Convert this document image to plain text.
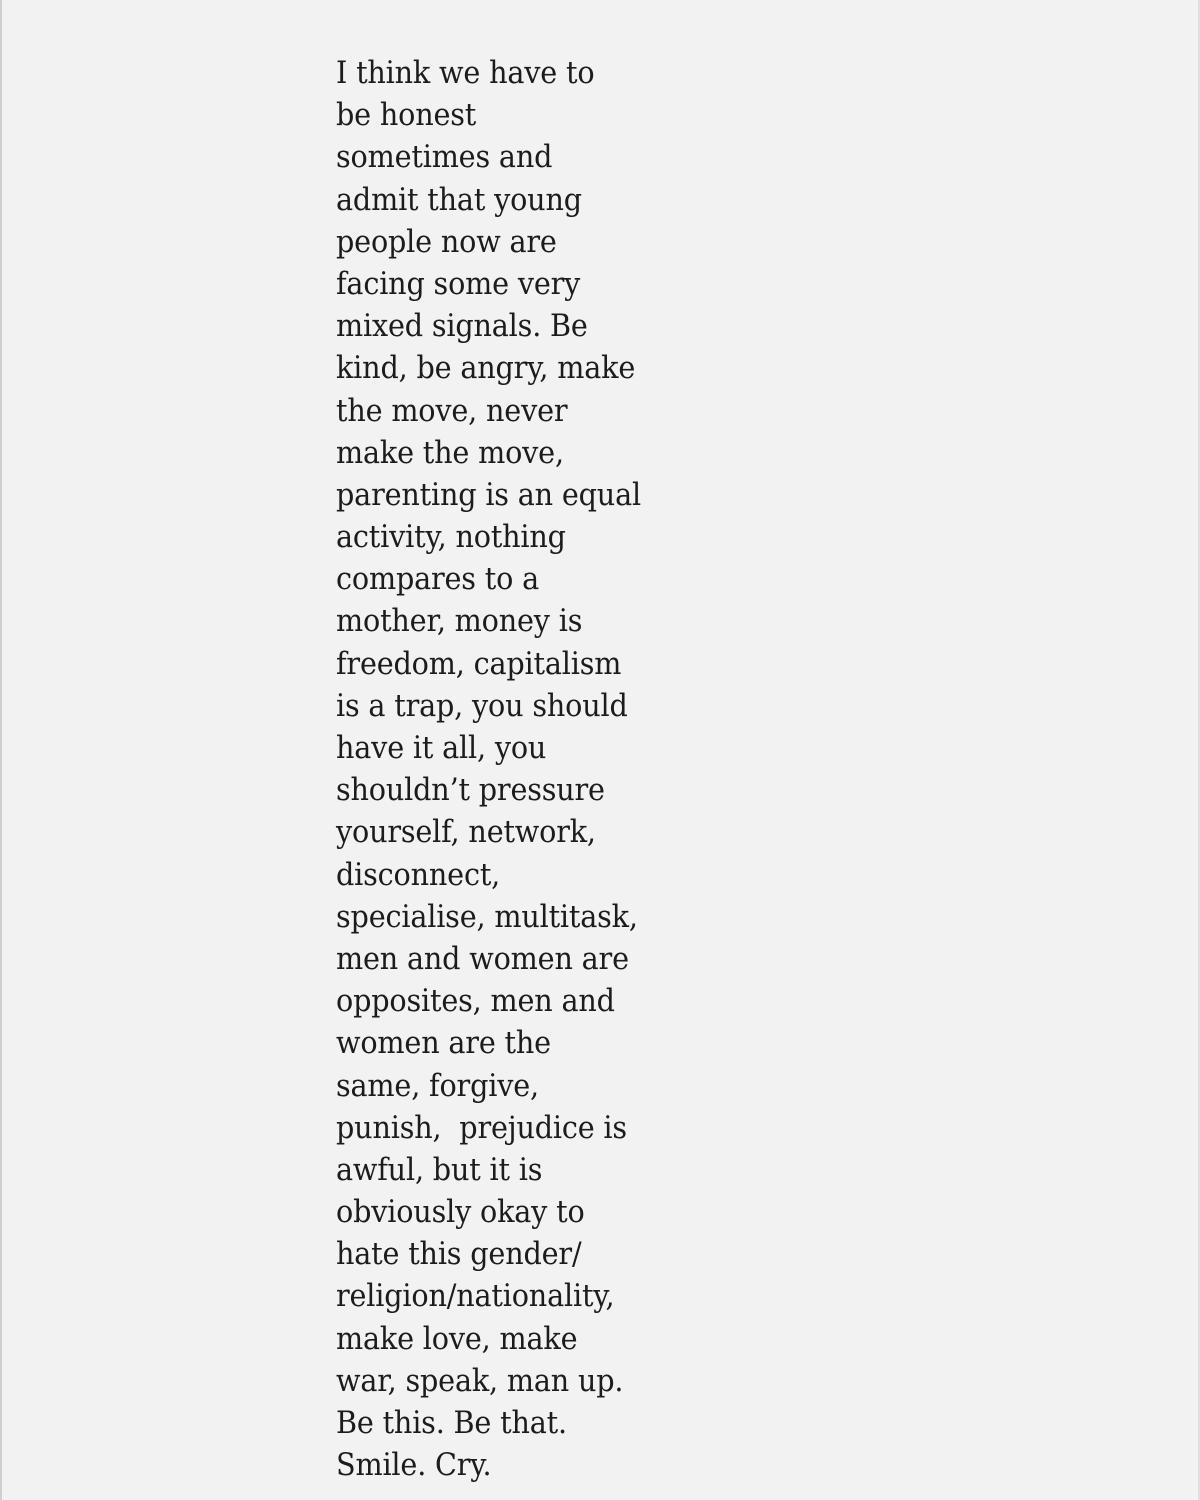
I think we have to
be honest
sometimes and
admit that young
people now are
facing some very
mixed signals. Be
kind, be angry, make
the move, never
make the move,
parenting is an equal
activity, nothing
compares to a
mother, money is
freedom, capitalism
is a trap, you should
have it all, you
shouldn’t pressure
yourself, network,
disconnect,
specialise, multitask,
men and women are
opposites, men and
women are the
same, forgive,
punish,  prejudice is
awful, but it is
obviously okay to
hate this gender/
religion/nationality,
make love, make
war, speak, man up.
Be this. Be that.
Smile. Cry.
